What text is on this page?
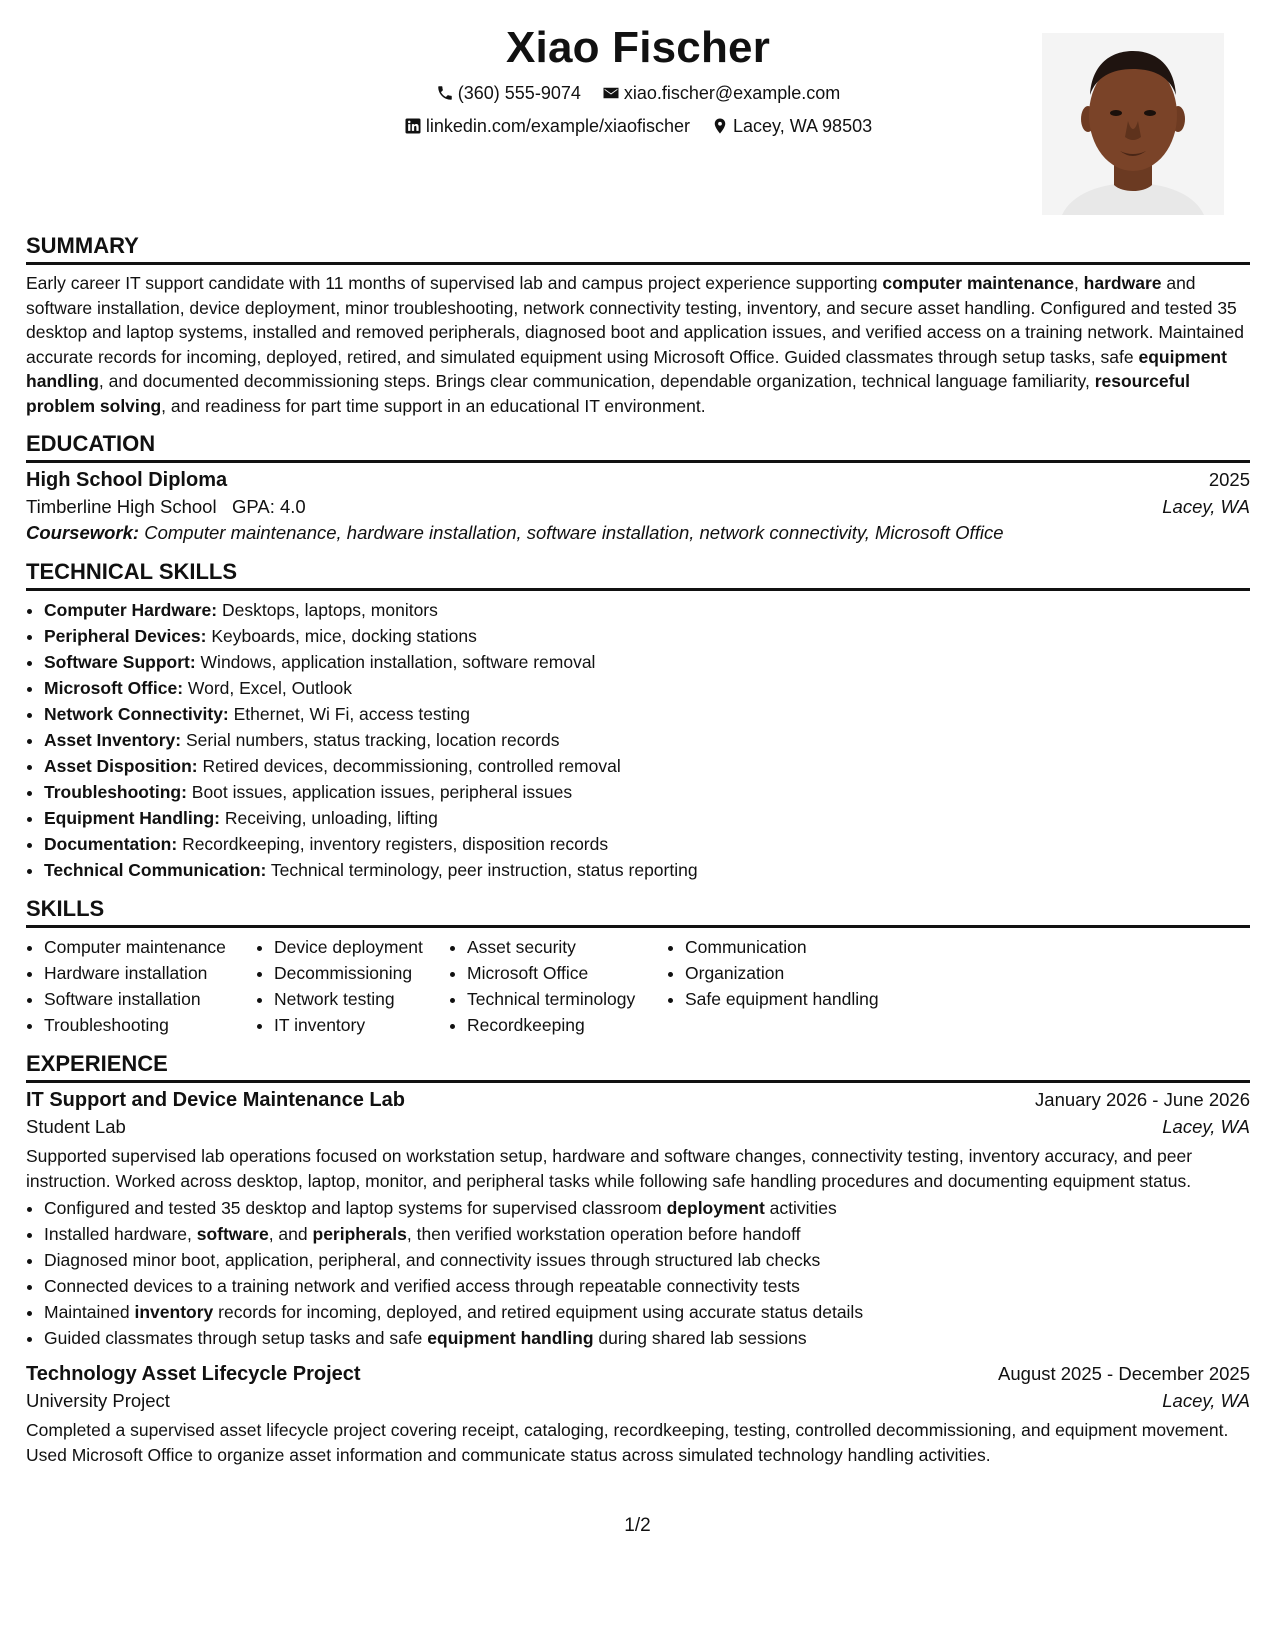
Xiao Fischer
(360) 555-9074
xiao.fischer@example.com
linkedin.com/example/xiaofischer
Lacey, WA 98503
SUMMARY

Early career IT support candidate with 11 months of supervised lab and campus project experience supporting computer maintenance, hardware and software installation, device deployment, minor troubleshooting, network connectivity testing, inventory, and secure asset handling. Configured and tested 35 desktop and laptop systems, installed and removed peripherals, diagnosed boot and application issues, and verified access on a training network. Maintained accurate records for incoming, deployed, retired, and simulated equipment using Microsoft Office. Guided classmates through setup tasks, safe equipment handling, and documented decommissioning steps. Brings clear communication, dependable organization, technical language familiarity, resourceful problem solving, and readiness for part time support in an educational IT environment.

EDUCATION
High School Diploma	2025
Timberline High School GPA: 4.0	Lacey, WA
Coursework: Computer maintenance, hardware installation, software installation, network connectivity, Microsoft Office
TECHNICAL SKILLS
• Computer Hardware: Desktops, laptops, monitors
• Peripheral Devices: Keyboards, mice, docking stations
• Software Support: Windows, application installation, software removal
• Microsoft Office: Word, Excel, Outlook
• Network Connectivity: Ethernet, Wi Fi, access testing
• Asset Inventory: Serial numbers, status tracking, location records
• Asset Disposition: Retired devices, decommissioning, controlled removal
• Troubleshooting: Boot issues, application issues, peripheral issues
• Equipment Handling: Receiving, unloading, lifting
• Documentation: Recordkeeping, inventory registers, disposition records
• Technical Communication: Technical terminology, peer instruction, status reporting
SKILLS
• Computer maintenance
• Hardware installation
• Software installation
• Troubleshooting
• Device deployment
• Decommissioning
• Network testing
• IT inventory
• Asset security
• Microsoft Office
• Technical terminology
• Recordkeeping
• Communication
• Organization
• Safe equipment handling
EXPERIENCE
IT Support and Device Maintenance Lab	January 2026 - June 2026
Student Lab	Lacey, WA

Supported supervised lab operations focused on workstation setup, hardware and software changes, connectivity testing, inventory accuracy, and peer instruction. Worked across desktop, laptop, monitor, and peripheral tasks while following safe handling procedures and documenting equipment status.

• Configured and tested 35 desktop and laptop systems for supervised classroom deployment activities
• Installed hardware, software, and peripherals, then verified workstation operation before handoff
• Diagnosed minor boot, application, peripheral, and connectivity issues through structured lab checks
• Connected devices to a training network and verified access through repeatable connectivity tests
• Maintained inventory records for incoming, deployed, and retired equipment using accurate status details
• Guided classmates through setup tasks and safe equipment handling during shared lab sessions
Technology Asset Lifecycle Project	August 2025 - December 2025
University Project	Lacey, WA

Completed a supervised asset lifecycle project covering receipt, cataloging, recordkeeping, testing, controlled decommissioning, and equipment movement. Used Microsoft Office to organize asset information and communicate status across simulated technology handling activities.

1/2
